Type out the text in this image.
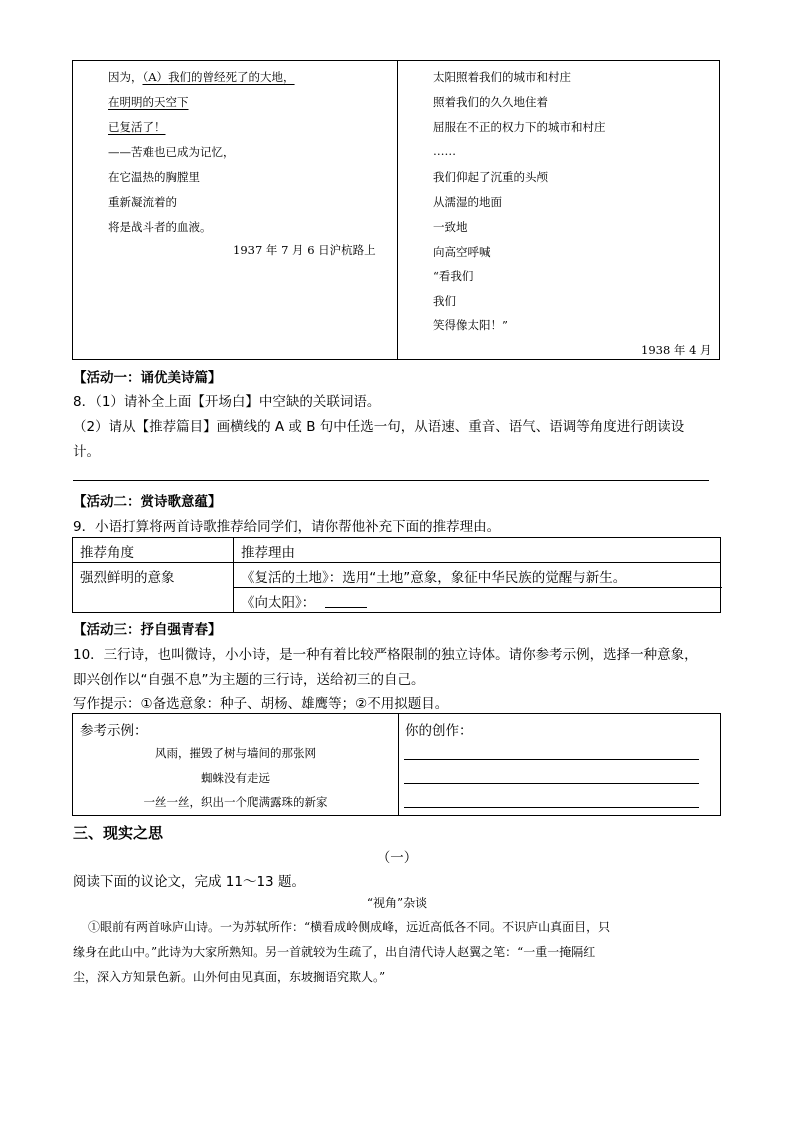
因为，（A）我们的曾经死了的大地，
在明明的天空下
已复活了！
——苦难也已成为记忆，
在它温热的胸膛里
重新凝流着的
将是战斗者的血液。
1937 年 7 月 6 日沪杭路上
太阳照着我们的城市和村庄
照着我们的久久地住着
屈服在不正的权力下的城市和村庄
……
我们仰起了沉重的头颅
从濡湿的地面
一致地
向高空呼喊
“看我们
我们
笑得像太阳！”
1938 年 4 月
【活动一：诵优美诗篇】
8．（1）请补全上面【开场白】中空缺的关联词语。
（2）请从【推荐篇目】画横线的 A 或 B 句中任选一句，从语速、重音、语气、语调等角度进行朗读设
计。
【活动二：赏诗歌意蕴】
9．小语打算将两首诗歌推荐给同学们，请你帮他补充下面的推荐理由。
推荐角度	推荐理由
强烈鲜明的意象	《复活的土地》：选用“土地”意象，象征中华民族的觉醒与新生。
《向太阳》：
【活动三：抒自强青春】
10．三行诗，也叫微诗，小小诗，是一种有着比较严格限制的独立诗体。请你参考示例，选择一种意象，
即兴创作以“自强不息”为主题的三行诗，送给初三的自己。
写作提示：①备选意象：种子、胡杨、雄鹰等；②不用拟题目。
参考示例：
风雨，摧毁了树与墙间的那张网
蜘蛛没有走远
一丝一丝，织出一个爬满露珠的新家
你的创作：
三、现实之思
（一）
阅读下面的议论文，完成 11～13 题。
“视角”杂谈
①眼前有两首咏庐山诗。一为苏轼所作：“横看成岭侧成峰，远近高低各不同。不识庐山真面目，只
缘身在此山中。”此诗为大家所熟知。另一首就较为生疏了，出自清代诗人赵翼之笔：“一重一掩隔红
尘，深入方知景色新。山外何由见真面，东坡搁语究欺人。”
